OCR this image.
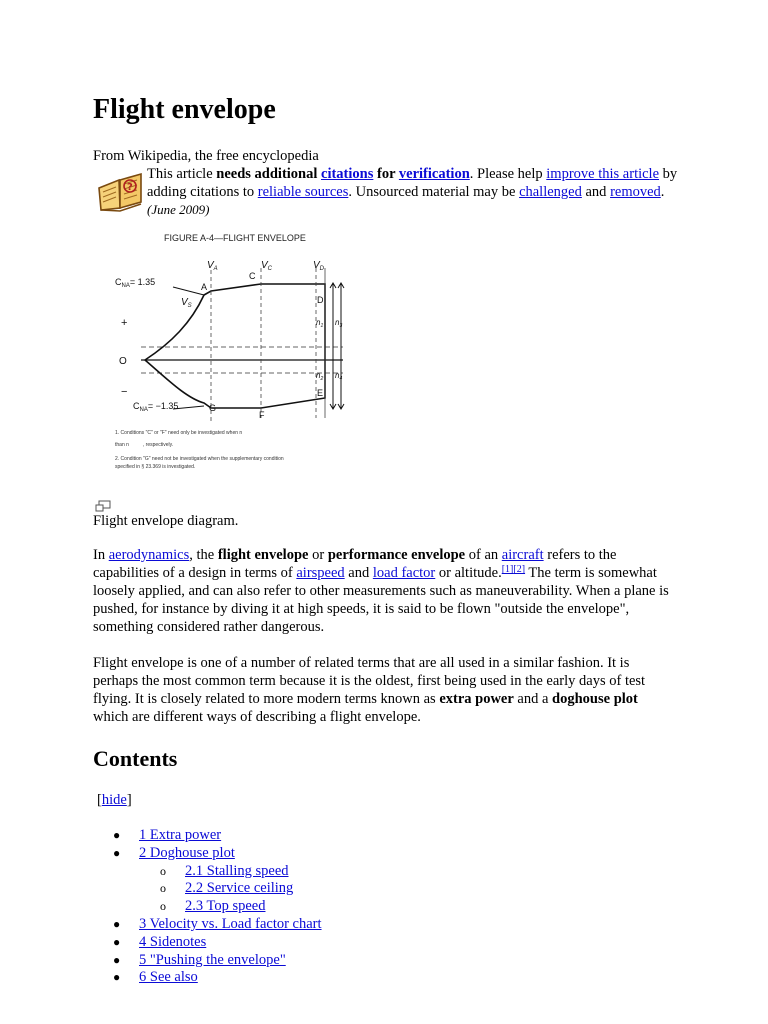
Flight envelope
From Wikipedia, the free encyclopedia
?
This article needs additional citations for verification. Please help improve this article by adding citations to reliable sources. Unsourced material may be challenged and removed. (June 2009)
FIGURE A-4—FLIGHT ENVELOPE
$C_{NA}= 1.35$
$C_{NA}= -1.35$
$V_A$	$V_C$	$V_D$
$V_S$
A
C
D
E
F
G
+
O
−
$n_1$ $n_3$
$n_2$ $n_4$
1. Conditions "C" or "F" need only be investigated when n
than n	, respectively.
2. Condition "G" need not be investigated when the supplementary condition
specified in § 23.369 is investigated.
Flight envelope diagram.

In aerodynamics, the flight envelope or performance envelope of an aircraft refers to the capabilities of a design in terms of airspeed and load factor or altitude.[1][2] The term is somewhat loosely applied, and can also refer to other measurements such as maneuverability. When a plane is pushed, for instance by diving it at high speeds, it is said to be flown "outside the envelope", something considered rather dangerous.

Flight envelope is one of a number of related terms that are all used in a similar fashion. It is perhaps the most common term because it is the oldest, first being used in the early days of test flying. It is closely related to more modern terms known as extra power and a doghouse plot which are different ways of describing a flight envelope.

Contents
[hide]
● 1 Extra power
● 2 Doghouse plot
o 2.1 Stalling speed
o 2.2 Service ceiling
o 2.3 Top speed
● 3 Velocity vs. Load factor chart
● 4 Sidenotes
● 5 "Pushing the envelope"
● 6 See also
